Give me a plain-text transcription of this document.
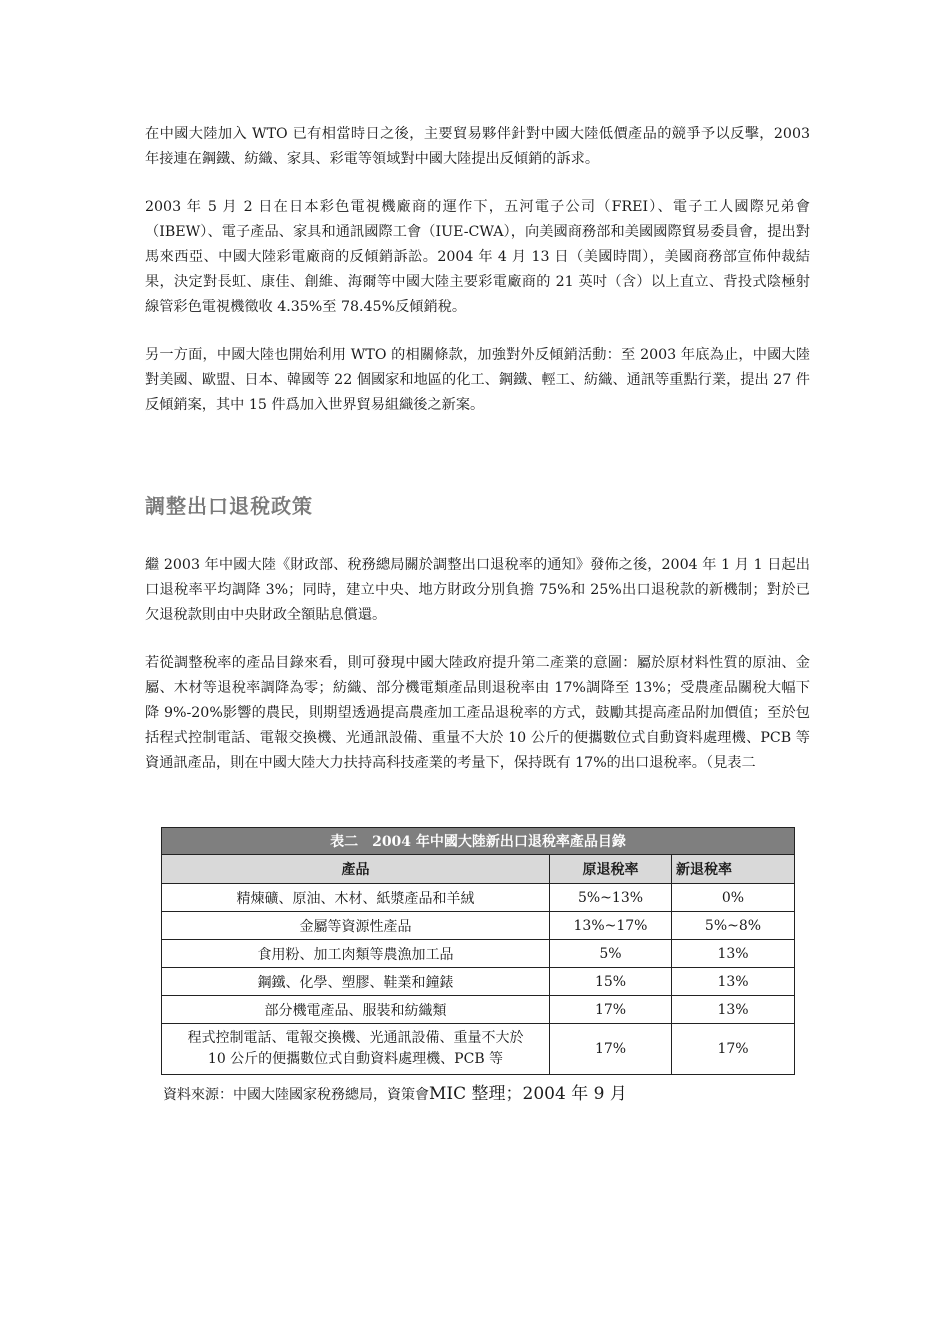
在中國大陸加入 WTO 已有相當時日之後，主要貿易夥伴針對中國大陸低價產品的競爭予以反擊，2003 年接連在鋼鐵、紡織、家具、彩電等領域對中國大陸提出反傾銷的訴求。

2003 年 5 月 2 日在日本彩色電視機廠商的運作下，五河電子公司（FREI）、電子工人國際兄弟會（IBEW）、電子產品、家具和通訊國際工會（IUE-CWA），向美國商務部和美國國際貿易委員會，提出對馬來西亞、中國大陸彩電廠商的反傾銷訴訟。2004 年 4 月 13 日（美國時間），美國商務部宣佈仲裁結果，決定對長虹、康佳、創維、海爾等中國大陸主要彩電廠商的 21 英吋（含）以上直立、背投式陰極射線管彩色電視機徵收 4.35%至 78.45%反傾銷稅。

另一方面，中國大陸也開始利用 WTO 的相關條款，加強對外反傾銷活動：至 2003 年底為止，中國大陸對美國、歐盟、日本、韓國等 22 個國家和地區的化工、鋼鐵、輕工、紡織、通訊等重點行業，提出 27 件反傾銷案，其中 15 件爲加入世界貿易組織後之新案。

調整出口退稅政策

繼 2003 年中國大陸《財政部、稅務總局關於調整出口退稅率的通知》發佈之後，2004 年 1 月 1 日起出口退稅率平均調降 3%；同時，建立中央、地方財政分別負擔 75%和 25%出口退稅款的新機制；對於已欠退稅款則由中央財政全額貼息償還。

若從調整稅率的產品目錄來看，則可發現中國大陸政府提升第二產業的意圖：屬於原材料性質的原油、金屬、木材等退稅率調降為零；紡織、部分機電類產品則退稅率由 17%調降至 13%；受農產品關稅大幅下降 9%-20%影響的農民，則期望透過提高農產加工產品退稅率的方式，鼓勵其提高產品附加價值；至於包括程式控制電話、電報交換機、光通訊設備、重量不大於 10 公斤的便攜數位式自動資料處理機、PCB 等資通訊產品，則在中國大陸大力扶持高科技產業的考量下，保持既有 17%的出口退稅率。（見表二

表二　2004 年中國大陸新出口退稅率產品目錄		
產品	原退稅率	新退稅率
精煉礦、原油、木材、紙漿產品和羊絨	5%~13%	0%
金屬等資源性產品	13%~17%	5%~8%
食用粉、加工肉類等農漁加工品	5%	13%
鋼鐵、化學、塑膠、鞋業和鐘錶	15%	13%
部分機電產品、服裝和紡織類	17%	13%

程式控制電話、電報交換機、光通訊設備、重量不大於
10 公斤的便攜數位式自動資料處理機、PCB 等	17%	17%
資料來源：中國大陸國家稅務總局，資策會MIC 整理；2004 年 9 月
